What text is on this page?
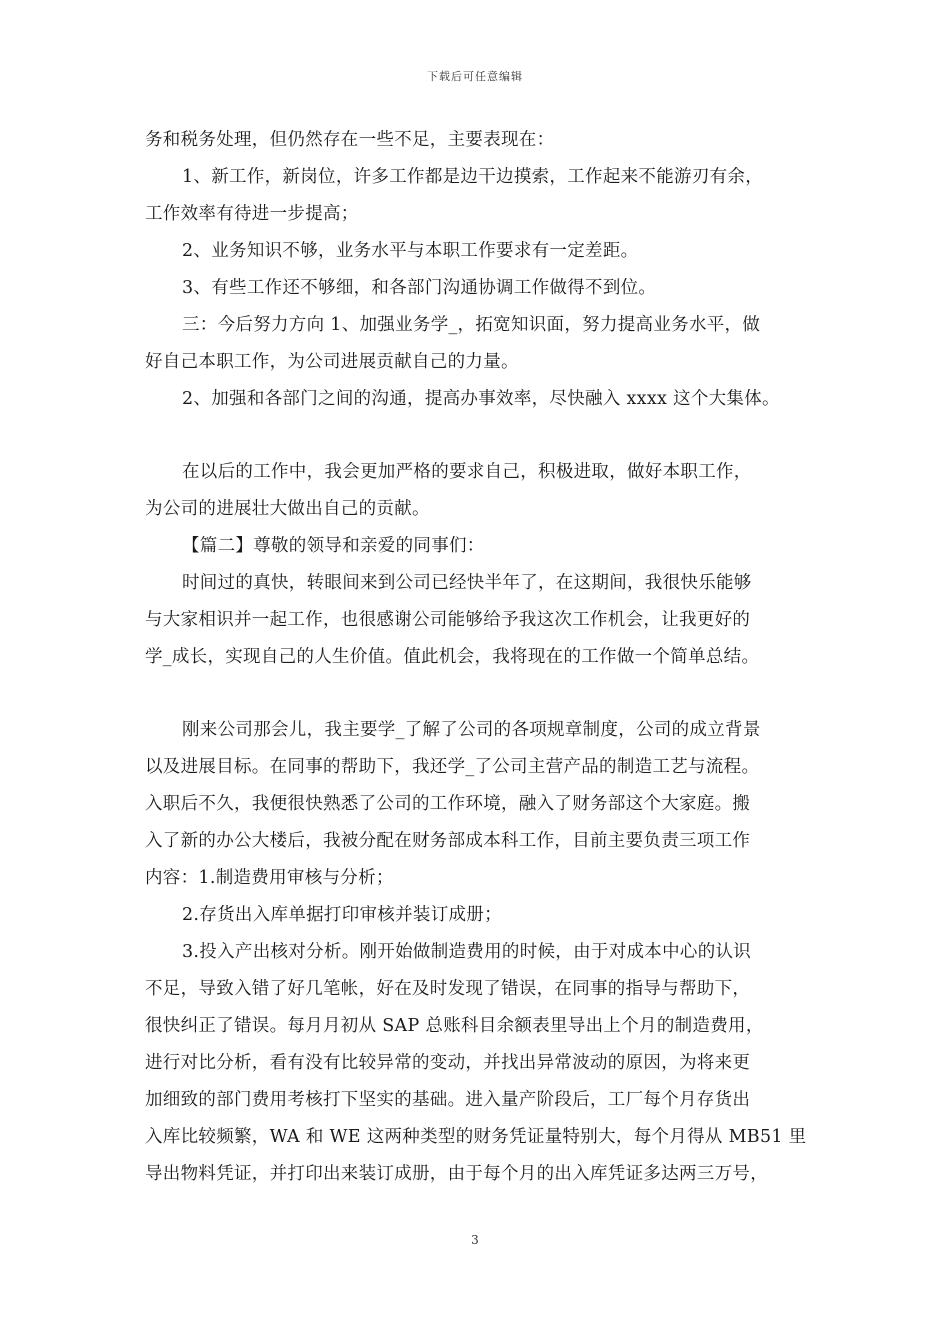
下载后可任意编辑
务和税务处理，但仍然存在一些不足，主要表现在：
1、新工作，新岗位，许多工作都是边干边摸索，工作起来不能游刃有余，
工作效率有待进一步提高；
2、业务知识不够，业务水平与本职工作要求有一定差距。
3、有些工作还不够细，和各部门沟通协调工作做得不到位。
三：今后努力方向 1、加强业务学_，拓宽知识面，努力提高业务水平，做
好自己本职工作，为公司进展贡献自己的力量。
2、加强和各部门之间的沟通，提高办事效率，尽快融入 xxxx 这个大集体。
在以后的工作中，我会更加严格的要求自己，积极进取，做好本职工作，
为公司的进展壮大做出自己的贡献。
【篇二】尊敬的领导和亲爱的同事们：
时间过的真快，转眼间来到公司已经快半年了，在这期间，我很快乐能够
与大家相识并一起工作，也很感谢公司能够给予我这次工作机会，让我更好的
学_成长，实现自己的人生价值。值此机会，我将现在的工作做一个简单总结。
刚来公司那会儿，我主要学_了解了公司的各项规章制度，公司的成立背景
以及进展目标。在同事的帮助下，我还学_了公司主营产品的制造工艺与流程。
入职后不久，我便很快熟悉了公司的工作环境，融入了财务部这个大家庭。搬
入了新的办公大楼后，我被分配在财务部成本科工作，目前主要负责三项工作
内容：1.制造费用审核与分析；
2.存货出入库单据打印审核并装订成册；
3.投入产出核对分析。刚开始做制造费用的时候，由于对成本中心的认识
不足，导致入错了好几笔帐，好在及时发现了错误，在同事的指导与帮助下，
很快纠正了错误。每月月初从 SAP 总账科目余额表里导出上个月的制造费用，
进行对比分析，看有没有比较异常的变动，并找出异常波动的原因，为将来更
加细致的部门费用考核打下坚实的基础。进入量产阶段后，工厂每个月存货出
入库比较频繁，WA 和 WE 这两种类型的财务凭证量特别大，每个月得从 MB51 里
导出物料凭证，并打印出来装订成册，由于每个月的出入库凭证多达两三万号，
3
